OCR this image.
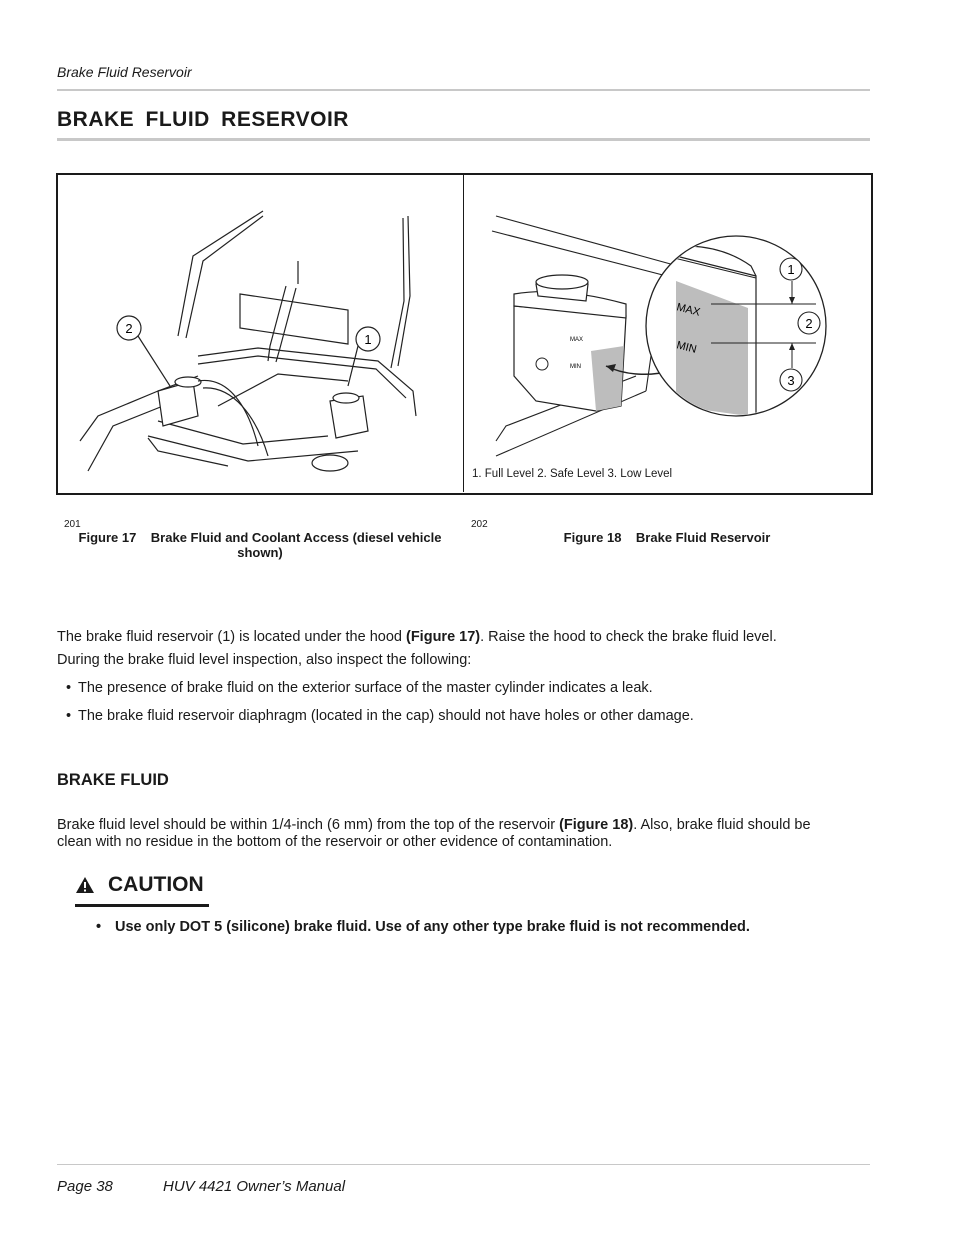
Brake Fluid Reservoir
BRAKE FLUID RESERVOIR
2
1	MAX
MIN
MAX
MIN
1
2
3
1. Full Level 2. Safe Level 3. Low Level
201
Figure 17 Brake Fluid and Coolant Access (diesel vehicle
shown)
202
Figure 18 Brake Fluid Reservoir
The brake fluid reservoir (1) is located under the hood (Figure 17). Raise the hood to check the brake fluid level.
During the brake fluid level inspection, also inspect the following:
• The presence of brake fluid on the exterior surface of the master cylinder indicates a leak.
• The brake fluid reservoir diaphragm (located in the cap) should not have holes or other damage.
BRAKE FLUID
Brake fluid level should be within 1/4-inch (6 mm) from the top of the reservoir (Figure 18). Also, brake fluid should be
clean with no residue in the bottom of the reservoir or other evidence of contamination.
CAUTION
• Use only DOT 5 (silicone) brake fluid. Use of any other type brake fluid is not recommended.
Page 38	HUV 4421 Owner’s Manual
